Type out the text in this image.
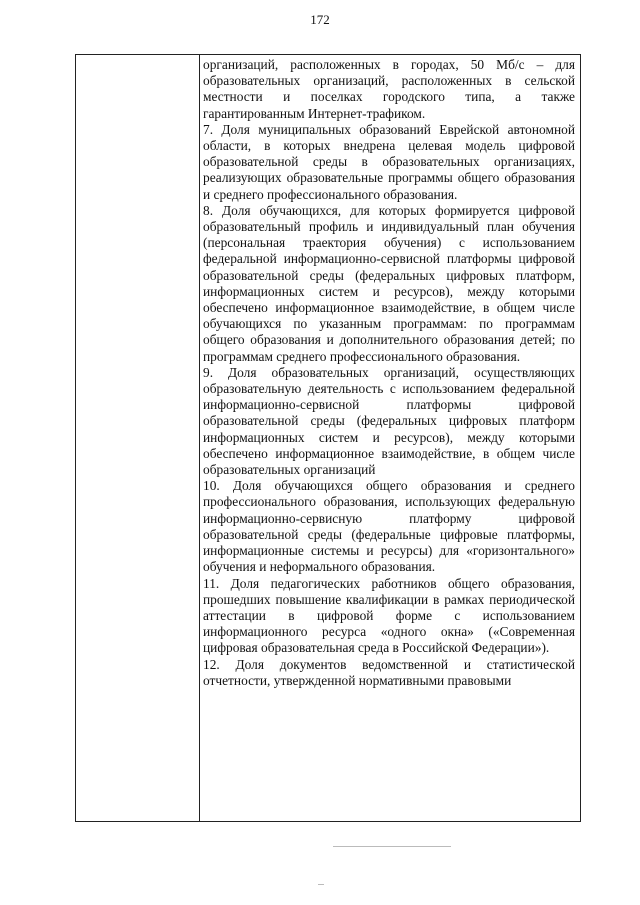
172

организаций, расположенных в городах, 50 Мб/с – для образовательных организаций, расположенных в сельской местности и поселках городского типа, а также гарантированным Интернет-трафиком.

7. Доля муниципальных образований Еврейской автономной области, в которых внедрена целевая модель цифровой образовательной среды в образовательных организациях, реализующих образовательные программы общего образования и среднего профессионального образования.

8. Доля обучающихся, для которых формируется цифровой образовательный профиль и индивидуальный план обучения (персональная траектория обучения) с использованием федеральной информационно-сервисной платформы цифровой образовательной среды (федеральных цифровых платформ, информационных систем и ресурсов), между которыми обеспечено информационное взаимодействие, в общем числе обучающихся по указанным программам: по программам общего образования и дополнительного образования детей; по программам среднего профессионального образования.

9. Доля образовательных организаций, осуществляющих образовательную деятельность с использованием федеральной информационно-сервисной платформы цифровой образовательной среды (федеральных цифровых платформ информационных систем и ресурсов), между которыми обеспечено информационное взаимодействие, в общем числе образовательных организаций

10. Доля обучающихся общего образования и среднего профессионального образования, использующих федеральную информационно-сервисную платформу цифровой образовательной среды (федеральные цифровые платформы, информационные системы и ресурсы) для «горизонтального» обучения и неформального образования.

11. Доля педагогических работников общего образования, прошедших повышение квалификации в рамках периодической аттестации в цифровой форме с использованием информационного ресурса «одного окна» («Современная цифровая образовательная среда в Российской Федерации»).

12. Доля документов ведомственной и статистической отчетности, утвержденной нормативными правовыми
